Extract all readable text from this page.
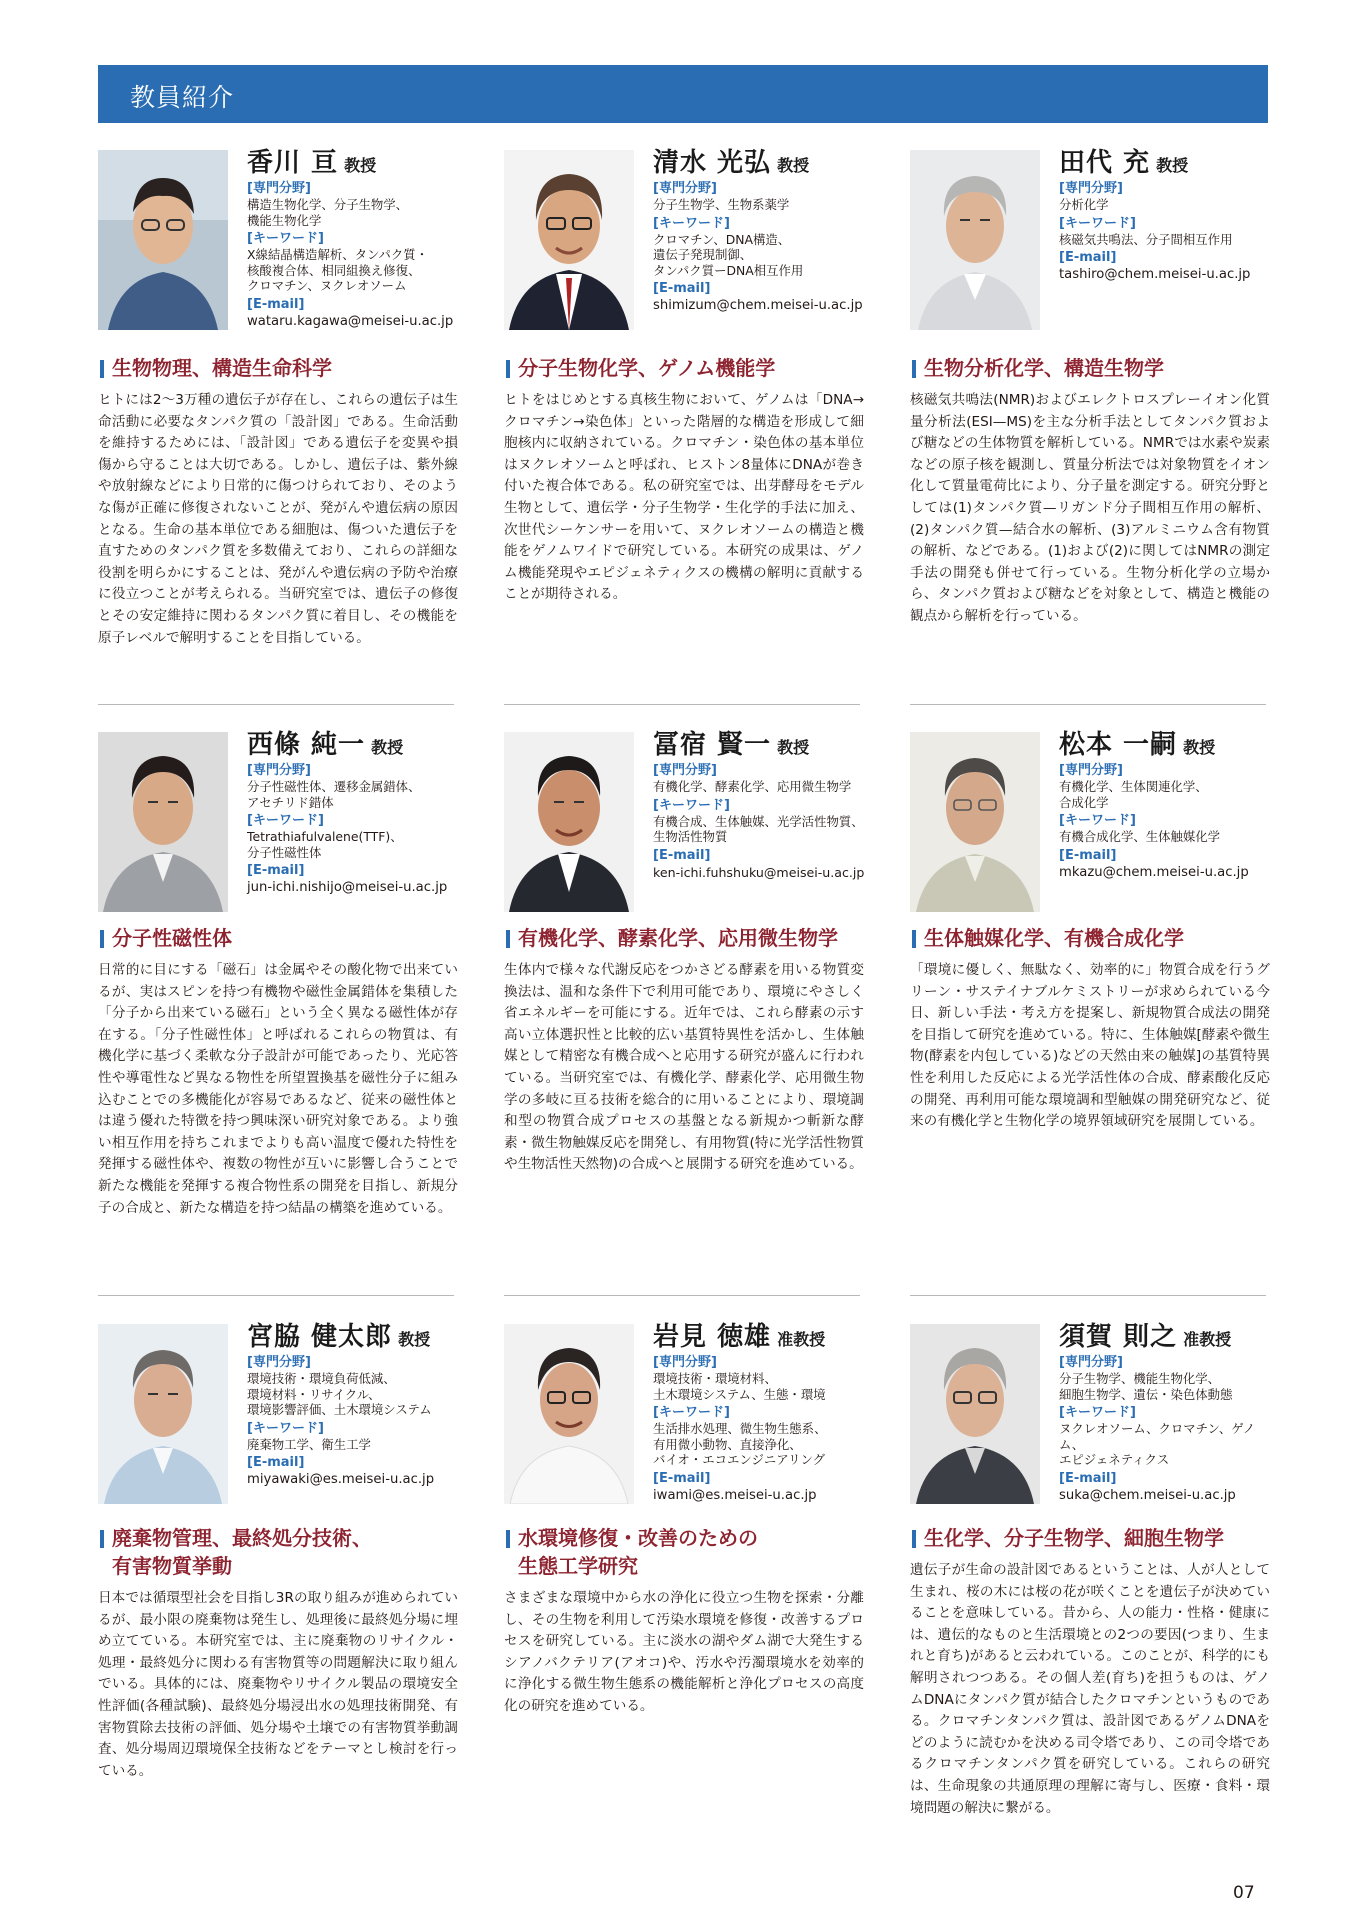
教員紹介
香川 亘 教授
[専門分野]
構造生物化学、分子生物学、
機能生物化学
[キーワード]
X線結晶構造解析、タンパク質・
核酸複合体、相同組換え修復、
クロマチン、ヌクレオソーム
[E-mail]
wataru.kagawa@meisei-u.ac.jp
生物物理、構造生命科学
ヒトには2〜3万種の遺伝子が存在し、これらの遺伝子は生命活動に必要なタンパク質の「設計図」である。生命活動を維持するためには、「設計図」である遺伝子を変異や損傷から守ることは大切である。しかし、遺伝子は、紫外線や放射線などにより日常的に傷つけられており、そのような傷が正確に修復されないことが、発がんや遺伝病の原因となる。生命の基本単位である細胞は、傷ついた遺伝子を直すためのタンパク質を多数備えており、これらの詳細な役割を明らかにすることは、発がんや遺伝病の予防や治療に役立つことが考えられる。当研究室では、遺伝子の修復とその安定維持に関わるタンパク質に着目し、その機能を原子レベルで解明することを目指している。
清水 光弘 教授
[専門分野]
分子生物学、生物系薬学
[キーワード]
クロマチン、DNA構造、
遺伝子発現制御、
タンパク質ーDNA相互作用
[E-mail]
shimizum@chem.meisei-u.ac.jp
分子生物化学、ゲノム機能学
ヒトをはじめとする真核生物において、ゲノムは「DNA→クロマチン→染色体」といった階層的な構造を形成して細胞核内に収納されている。クロマチン・染色体の基本単位はヌクレオソームと呼ばれ、ヒストン8量体にDNAが巻き付いた複合体である。私の研究室では、出芽酵母をモデル生物として、遺伝学・分子生物学・生化学的手法に加え、次世代シーケンサーを用いて、ヌクレオソームの構造と機能をゲノムワイドで研究している。本研究の成果は、ゲノム機能発現やエピジェネティクスの機構の解明に貢献することが期待される。
田代 充 教授
[専門分野]
分析化学
[キーワード]
核磁気共鳴法、分子間相互作用
[E-mail]
tashiro@chem.meisei-u.ac.jp
生物分析化学、構造生物学
核磁気共鳴法(NMR)およびエレクトロスプレーイオン化質量分析法(ESI—MS)を主な分析手法としてタンパク質および糖などの生体物質を解析している。NMRでは水素や炭素などの原子核を観測し、質量分析法では対象物質をイオン化して質量電荷比により、分子量を測定する。研究分野としては(1)タンパク質—リガンド分子間相互作用の解析、(2)タンパク質—結合水の解析、(3)アルミニウム含有物質の解析、などである。(1)および(2)に関してはNMRの測定手法の開発も併せて行っている。生物分析化学の立場から、タンパク質および糖などを対象として、構造と機能の観点から解析を行っている。
西條 純一 教授
[専門分野]
分子性磁性体、遷移金属錯体、
アセチリド錯体
[キーワード]
Tetrathiafulvalene(TTF)、
分子性磁性体
[E-mail]
jun-ichi.nishijo@meisei-u.ac.jp
分子性磁性体
日常的に目にする「磁石」は金属やその酸化物で出来ているが、実はスピンを持つ有機物や磁性金属錯体を集積した「分子から出来ている磁石」という全く異なる磁性体が存在する。「分子性磁性体」と呼ばれるこれらの物質は、有機化学に基づく柔軟な分子設計が可能であったり、光応答性や導電性など異なる物性を所望置換基を磁性分子に組み込むことでの多機能化が容易であるなど、従来の磁性体とは違う優れた特徴を持つ興味深い研究対象である。より強い相互作用を持ちこれまでよりも高い温度で優れた特性を発揮する磁性体や、複数の物性が互いに影響し合うことで新たな機能を発揮する複合物性系の開発を目指し、新規分子の合成と、新たな構造を持つ結晶の構築を進めている。
冨宿 賢一 教授
[専門分野]
有機化学、酵素化学、応用微生物学
[キーワード]
有機合成、生体触媒、光学活性物質、
生物活性物質
[E-mail]
ken-ichi.fuhshuku@meisei-u.ac.jp
有機化学、酵素化学、応用微生物学
生体内で様々な代謝反応をつかさどる酵素を用いる物質変換法は、温和な条件下で利用可能であり、環境にやさしく省エネルギーを可能にする。近年では、これら酵素の示す高い立体選択性と比較的広い基質特異性を活かし、生体触媒として精密な有機合成へと応用する研究が盛んに行われている。当研究室では、有機化学、酵素化学、応用微生物学の多岐に亘る技術を総合的に用いることにより、環境調和型の物質合成プロセスの基盤となる新規かつ斬新な酵素・微生物触媒反応を開発し、有用物質(特に光学活性物質や生物活性天然物)の合成へと展開する研究を進めている。
松本 一嗣 教授
[専門分野]
有機化学、生体関連化学、
合成化学
[キーワード]
有機合成化学、生体触媒化学
[E-mail]
mkazu@chem.meisei-u.ac.jp
生体触媒化学、有機合成化学
「環境に優しく、無駄なく、効率的に」物質合成を行うグリーン・サステイナブルケミストリーが求められている今日、新しい手法・考え方を提案し、新規物質合成法の開発を目指して研究を進めている。特に、生体触媒[酵素や微生物(酵素を内包している)などの天然由来の触媒]の基質特異性を利用した反応による光学活性体の合成、酵素酸化反応の開発、再利用可能な環境調和型触媒の開発研究など、従来の有機化学と生物化学の境界領域研究を展開している。
宮脇 健太郎 教授
[専門分野]
環境技術・環境負荷低減、
環境材料・リサイクル、
環境影響評価、土木環境システム
[キーワード]
廃棄物工学、衛生工学
[E-mail]
miyawaki@es.meisei-u.ac.jp
廃棄物管理、最終処分技術、
有害物質挙動
日本では循環型社会を目指し3Rの取り組みが進められているが、最小限の廃棄物は発生し、処理後に最終処分場に埋め立てている。本研究室では、主に廃棄物のリサイクル・処理・最終処分に関わる有害物質等の問題解決に取り組んでいる。具体的には、廃棄物やリサイクル製品の環境安全性評価(各種試験)、最終処分場浸出水の処理技術開発、有害物質除去技術の評価、処分場や土壌での有害物質挙動調査、処分場周辺環境保全技術などをテーマとし検討を行っている。
岩見 徳雄 准教授
[専門分野]
環境技術・環境材料、
土木環境システム、生態・環境
[キーワード]
生活排水処理、微生物生態系、
有用微小動物、直接浄化、
バイオ・エコエンジニアリング
[E-mail]
iwami@es.meisei-u.ac.jp
水環境修復・改善のための
生態工学研究
さまざまな環境中から水の浄化に役立つ生物を探索・分離し、その生物を利用して汚染水環境を修復・改善するプロセスを研究している。主に淡水の湖やダム湖で大発生するシアノバクテリア(アオコ)や、汚水や汚濁環境水を効率的に浄化する微生物生態系の機能解析と浄化プロセスの高度化の研究を進めている。
須賀 則之 准教授
[専門分野]
分子生物学、機能生物化学、
細胞生物学、遺伝・染色体動態
[キーワード]
ヌクレオソーム、クロマチン、ゲノム、
エピジェネティクス
[E-mail]
suka@chem.meisei-u.ac.jp
生化学、分子生物学、細胞生物学
遺伝子が生命の設計図であるということは、人が人として生まれ、桜の木には桜の花が咲くことを遺伝子が決めていることを意味している。昔から、人の能力・性格・健康には、遺伝的なものと生活環境との2つの要因(つまり、生まれと育ち)があると云われている。このことが、科学的にも解明されつつある。その個人差(育ち)を担うものは、ゲノムDNAにタンパク質が結合したクロマチンというものである。クロマチンタンパク質は、設計図であるゲノムDNAをどのように読むかを決める司令塔であり、この司令塔であるクロマチンタンパク質を研究している。これらの研究は、生命現象の共通原理の理解に寄与し、医療・食料・環境問題の解決に繋がる。
07
